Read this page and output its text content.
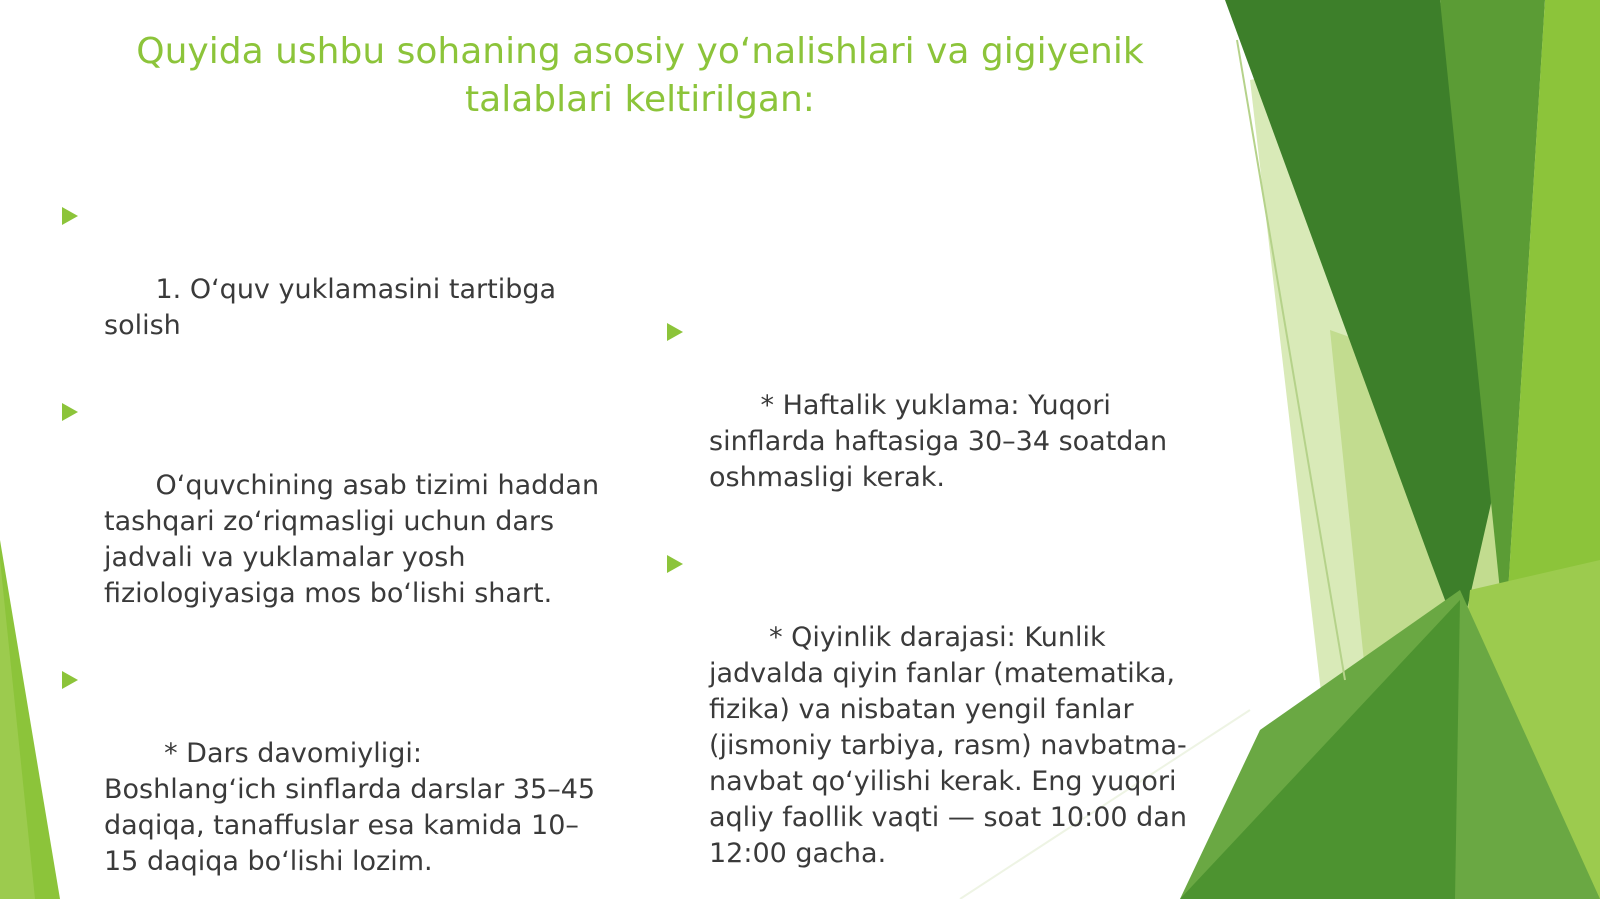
Quyida ushbu sohaning asosiy yoʻnalishlari va gigiyenik talablari keltirilgan:

1. Oʻquv yuklamasini tartibga solish

Oʻquvchining asab tizimi haddan tashqari zoʻriqmasligi uchun dars jadvali va yuklamalar yosh fiziologiyasiga mos boʻlishi shart.

* Dars davomiyligi: Boshlangʻich sinflarda darslar 35–45 daqiqa, tanaffuslar esa kamida 10–15 daqiqa boʻlishi lozim.

* Haftalik yuklama: Yuqori sinflarda haftasiga 30–34 soatdan oshmasligi kerak.

* Qiyinlik darajasi: Kunlik jadvalda qiyin fanlar (matematika, fizika) va nisbatan yengil fanlar (jismoniy tarbiya, rasm) navbatma-navbat qoʻyilishi kerak. Eng yuqori aqliy faollik vaqti — soat 10:00 dan 12:00 gacha.
